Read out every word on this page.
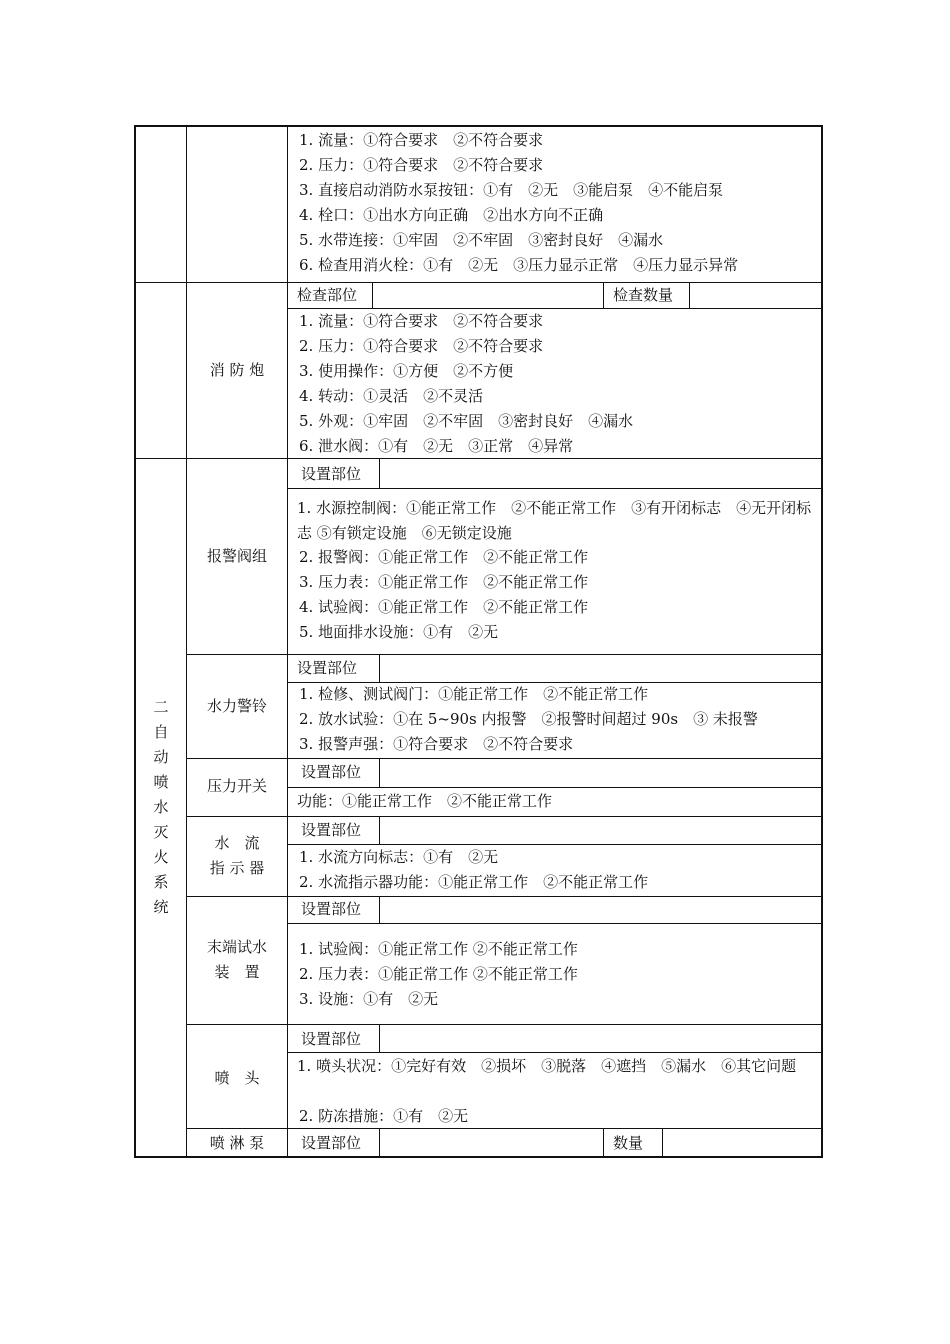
1. 流量：①符合要求　②不符合要求
2. 压力：①符合要求　②不符合要求
3. 直接启动消防水泵按钮：①有　②无　③能启泵　④不能启泵
4. 栓口：①出水方向正确　②出水方向不正确
5. 水带连接：①牢固　②不牢固　③密封良好　④漏水
6. 检查用消火栓：①有　②无　③压力显示正常　④压力显示异常
消 防 炮
检查部位	检查数量
1. 流量：①符合要求　②不符合要求
2. 压力：①符合要求　②不符合要求
3. 使用操作：①方便　②不方便
4. 转动：①灵活　②不灵活
5. 外观：①牢固　②不牢固　③密封良好　④漏水
6. 泄水阀：①有　②无　③正常　④异常
二
自
动
喷
水
灭
火
系
统
报警阀组
设置部位
1. 水源控制阀：①能正常工作　②不能正常工作　③有开闭标志　④无开闭标志 ⑤有锁定设施　⑥无锁定设施
2. 报警阀：①能正常工作　②不能正常工作
3. 压力表：①能正常工作　②不能正常工作
4. 试验阀：①能正常工作　②不能正常工作
5. 地面排水设施：①有　②无
水力警铃
设置部位
1. 检修、测试阀门：①能正常工作　②不能正常工作
2. 放水试验：①在 5~90s 内报警　②报警时间超过 90s　③ 未报警
3. 报警声强：①符合要求　②不符合要求
压力开关
设置部位
功能：①能正常工作　②不能正常工作
水　流
指 示 器
设置部位
1. 水流方向标志：①有　②无
2. 水流指示器功能：①能正常工作　②不能正常工作
末端试水
装　置
设置部位
1. 试验阀：①能正常工作 ②不能正常工作
2. 压力表：①能正常工作 ②不能正常工作
3. 设施：①有　②无
喷　头
设置部位
1. 喷头状况：①完好有效　②损坏　③脱落　④遮挡　⑤漏水　⑥其它问题
2. 防冻措施：①有　②无
喷 淋 泵	设置部位	数量
